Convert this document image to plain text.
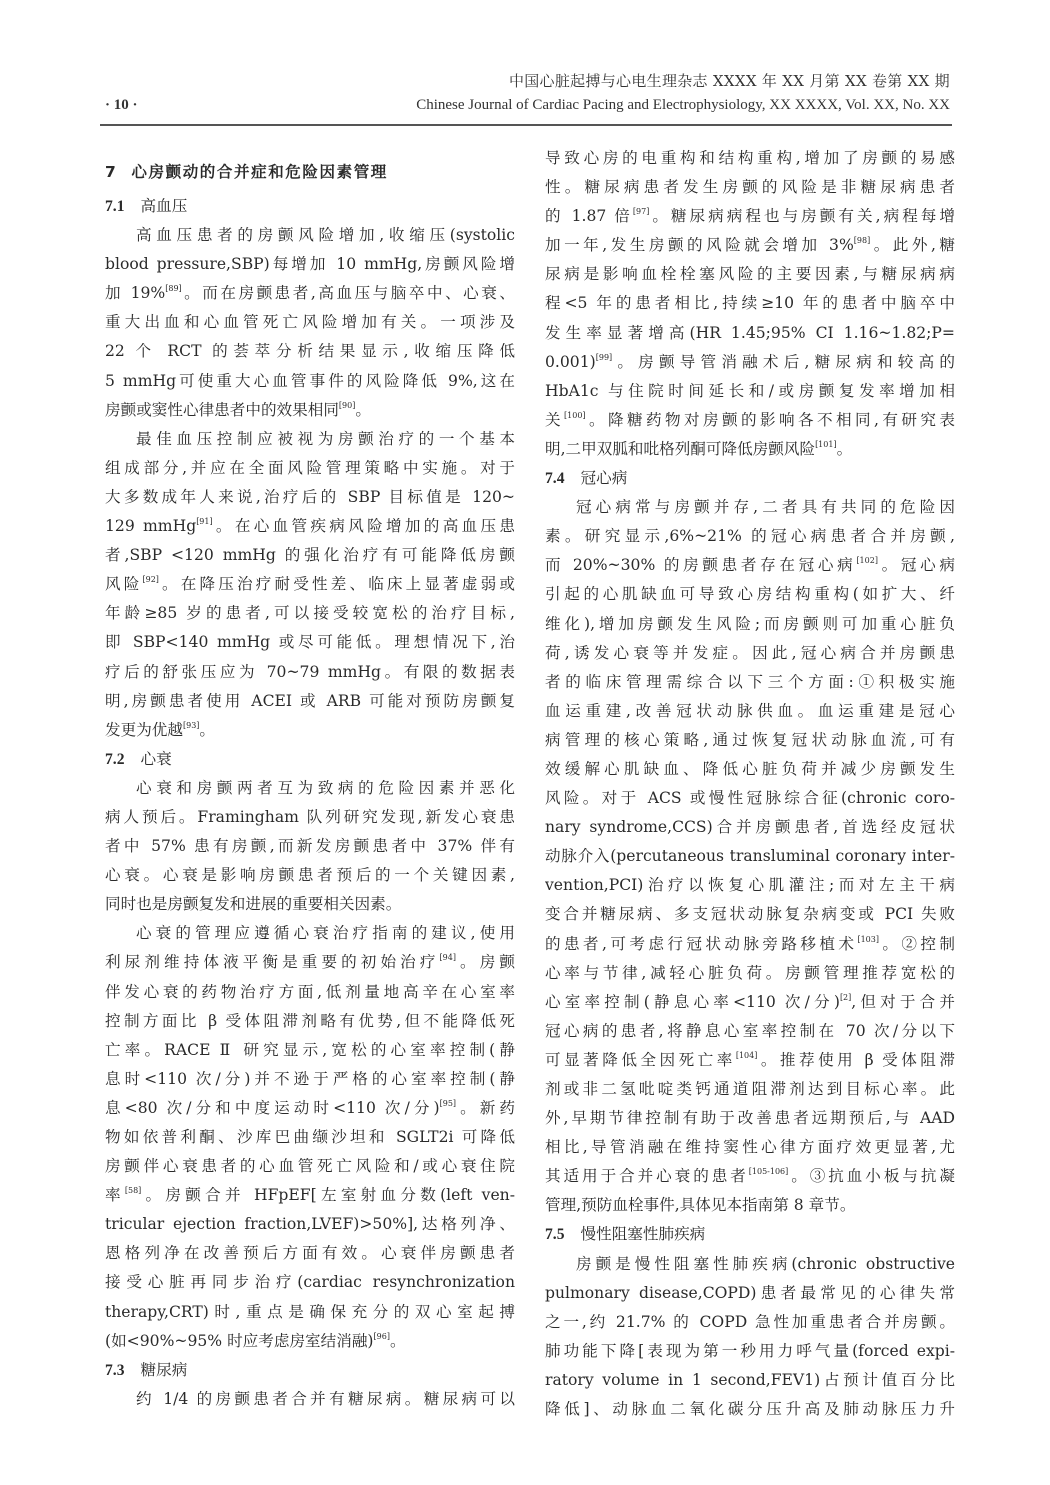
中国心脏起搏与心电生理杂志 XXXX 年 XX 月第 XX 卷第 XX 期
· 10 ·	Chinese Journal of Cardiac Pacing and Electrophysiology, XX XXXX, Vol. XX, No. XX
7 心房颤动的合并症和危险因素管理
7.1 高血压
高血压患者的房颤风险增加,收缩压(systolic
blood pressure,SBP)每增加 10 mmHg,房颤风险增
加 19%[89]。而在房颤患者,高血压与脑卒中、心衰、
重大出血和心血管死亡风险增加有关。一项涉及
22 个 RCT 的荟萃分析结果显示,收缩压降低
5 mmHg可使重大心血管事件的风险降低 9%,这在
房颤或窦性心律患者中的效果相同[90]。
最佳血压控制应被视为房颤治疗的一个基本
组成部分,并应在全面风险管理策略中实施。对于
大多数成年人来说,治疗后的 SBP 目标值是 120~
129 mmHg[91]。在心血管疾病风险增加的高血压患
者,SBP <120 mmHg 的强化治疗有可能降低房颤
风险[92]。在降压治疗耐受性差、临床上显著虚弱或
年龄≥85 岁的患者,可以接受较宽松的治疗目标,
即 SBP<140 mmHg 或尽可能低。理想情况下,治
疗后的舒张压应为 70~79 mmHg。有限的数据表
明,房颤患者使用 ACEI 或 ARB 可能对预防房颤复
发更为优越[93]。
7.2 心衰
心衰和房颤两者互为致病的危险因素并恶化
病人预后。Framingham 队列研究发现,新发心衰患
者中 57% 患有房颤,而新发房颤患者中 37% 伴有
心衰。心衰是影响房颤患者预后的一个关键因素,
同时也是房颤复发和进展的重要相关因素。
心衰的管理应遵循心衰治疗指南的建议,使用
利尿剂维持体液平衡是重要的初始治疗[94]。房颤
伴发心衰的药物治疗方面,低剂量地高辛在心室率
控制方面比 β 受体阻滞剂略有优势,但不能降低死
亡率。RACE Ⅱ 研究显示,宽松的心室率控制(静
息时<110 次/分)并不逊于严格的心室率控制(静
息<80 次/分和中度运动时<110 次/分)[95]。新药
物如依普利酮、沙库巴曲缬沙坦和 SGLT2i 可降低
房颤伴心衰患者的心血管死亡风险和/或心衰住院
率[58]。房颤合并 HFpEF[左室射血分数(left ven-
tricular ejection fraction,LVEF)>50%],达格列净、
恩格列净在改善预后方面有效。心衰伴房颤患者
接受心脏再同步治疗(cardiac resynchronization
therapy,CRT)时,重点是确保充分的双心室起搏
(如<90%~95% 时应考虑房室结消融)[96]。
7.3 糖尿病
约 1/4 的房颤患者合并有糖尿病。糖尿病可以
导致心房的电重构和结构重构,增加了房颤的易感
性。糖尿病患者发生房颤的风险是非糖尿病患者
的 1.87 倍[97]。糖尿病病程也与房颤有关,病程每增
加一年,发生房颤的风险就会增加 3%[98]。此外,糖
尿病是影响血栓栓塞风险的主要因素,与糖尿病病
程<5 年的患者相比,持续≥10 年的患者中脑卒中
发生率显著增高(HR 1.45;95% CI 1.16~1.82;P=
0.001)[99]。房颤导管消融术后,糖尿病和较高的
HbA1c 与住院时间延长和/或房颤复发率增加相
关[100]。降糖药物对房颤的影响各不相同,有研究表
明,二甲双胍和吡格列酮可降低房颤风险[101]。
7.4 冠心病
冠心病常与房颤并存,二者具有共同的危险因
素。研究显示,6%~21% 的冠心病患者合并房颤,
而 20%~30% 的房颤患者存在冠心病[102]。冠心病
引起的心肌缺血可导致心房结构重构(如扩大、纤
维化),增加房颤发生风险;而房颤则可加重心脏负
荷,诱发心衰等并发症。因此,冠心病合并房颤患
者的临床管理需综合以下三个方面:①积极实施
血运重建,改善冠状动脉供血。血运重建是冠心
病管理的核心策略,通过恢复冠状动脉血流,可有
效缓解心肌缺血、降低心脏负荷并减少房颤发生
风险。对于 ACS 或慢性冠脉综合征(chronic coro-
nary syndrome,CCS)合并房颤患者,首选经皮冠状
动脉介入(percutaneous transluminal coronary inter-
vention,PCI)治疗以恢复心肌灌注;而对左主干病
变合并糖尿病、多支冠状动脉复杂病变或 PCI 失败
的患者,可考虑行冠状动脉旁路移植术[103]。②控制
心率与节律,减轻心脏负荷。房颤管理推荐宽松的
心室率控制(静息心率<110 次/分)[2],但对于合并
冠心病的患者,将静息心室率控制在 70 次/分以下
可显著降低全因死亡率[104]。推荐使用 β 受体阻滞
剂或非二氢吡啶类钙通道阻滞剂达到目标心率。此
外,早期节律控制有助于改善患者远期预后,与 AAD
相比,导管消融在维持窦性心律方面疗效更显著,尤
其适用于合并心衰的患者[105-106]。③抗血小板与抗凝
管理,预防血栓事件,具体见本指南第 8 章节。
7.5 慢性阻塞性肺疾病
房颤是慢性阻塞性肺疾病(chronic obstructive
pulmonary disease,COPD)患者最常见的心律失常
之一,约 21.7% 的 COPD 急性加重患者合并房颤。
肺功能下降[表现为第一秒用力呼气量(forced expi-
ratory volume in 1 second,FEV1)占预计值百分比
降低]、动脉血二氧化碳分压升高及肺动脉压力升
